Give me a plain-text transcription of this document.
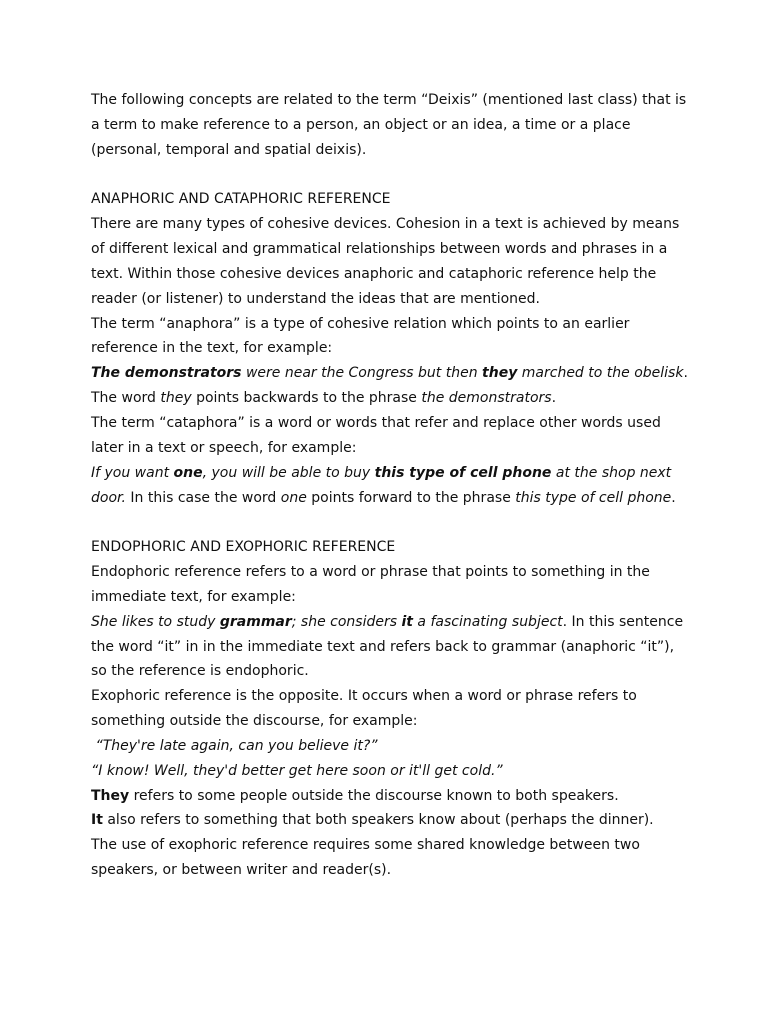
The following concepts are related to the term “Deixis” (mentioned last class) that is a term to make reference to a person, an object or an idea, a time or a place (personal, temporal and spatial deixis).

ANAPHORIC AND CATAPHORIC REFERENCE

There are many types of cohesive devices. Cohesion in a text is achieved by means of different lexical and grammatical relationships between words and phrases in a text. Within those cohesive devices anaphoric and cataphoric reference help the reader (or listener) to understand the ideas that are mentioned.

The term “anaphora” is a type of cohesive relation which points to an earlier reference in the text, for example:

The demonstrators were near the Congress but then they marched to the obelisk. The word they points backwards to the phrase the demonstrators.

The term “cataphora” is a word or words that refer and replace other words used later in a text or speech, for example:

If you want one, you will be able to buy this type of cell phone at the shop next door. In this case the word one points forward to the phrase this type of cell phone.

ENDOPHORIC AND EXOPHORIC REFERENCE

Endophoric reference refers to a word or phrase that points to something in the immediate text, for example:

She likes to study grammar; she considers it a fascinating subject. In this sentence the word “it” in in the immediate text and refers back to grammar (anaphoric “it”), so the reference is endophoric.

Exophoric reference is the opposite. It occurs when a word or phrase refers to something outside the discourse, for example:

“They're late again, can you believe it?”

“I know! Well, they'd better get here soon or it'll get cold.”

They refers to some people outside the discourse known to both speakers.

It also refers to something that both speakers know about (perhaps the dinner).

The use of exophoric reference requires some shared knowledge between two speakers, or between writer and reader(s).
